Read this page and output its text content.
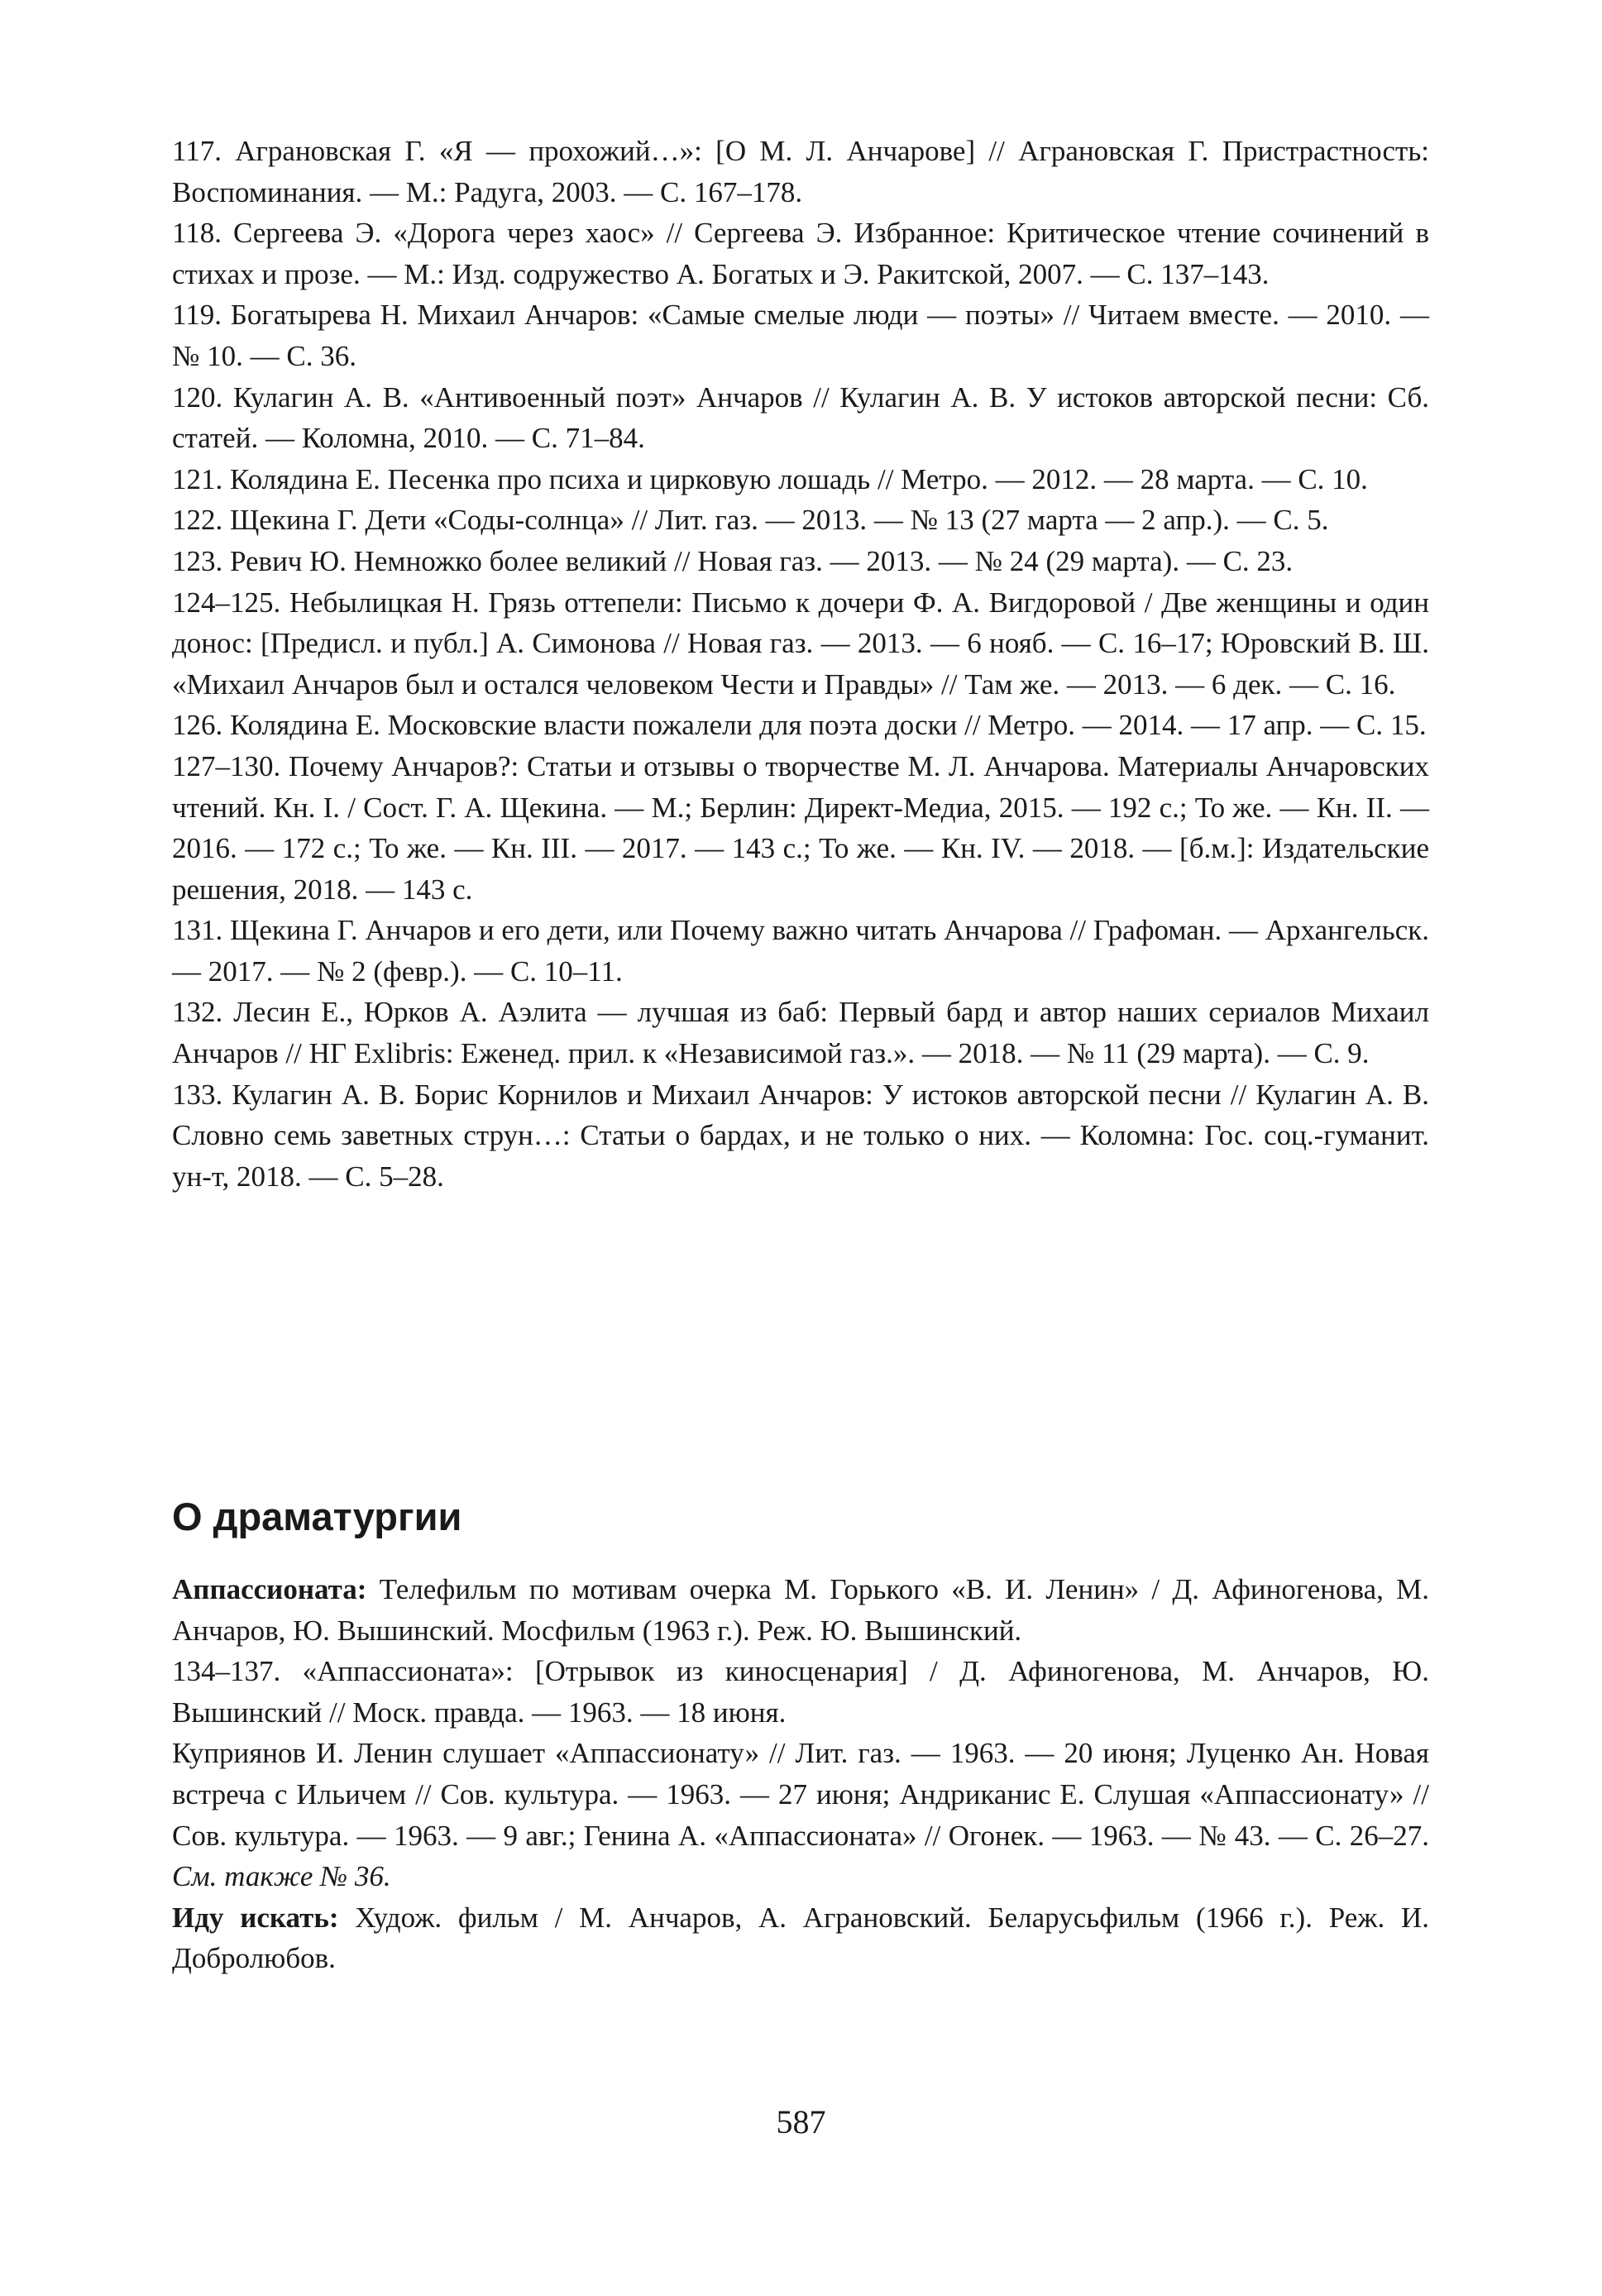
117. Аграновская Г. «Я — прохожий…»: [О М. Л. Анчарове] // Аграновская Г. Пристрастность: Воспоминания. — М.: Радуга, 2003. — С. 167–178.

118. Сергеева Э. «Дорога через хаос» // Сергеева Э. Избранное: Критическое чтение сочинений в стихах и прозе. — М.: Изд. содружество А. Богатых и Э. Ракитской, 2007. — С. 137–143.

119. Богатырева Н. Михаил Анчаров: «Самые смелые люди — поэты» // Читаем вместе. — 2010. — № 10. — С. 36.

120. Кулагин А. В. «Антивоенный поэт» Анчаров // Кулагин А. В. У истоков авторской песни: Сб. статей. — Коломна, 2010. — С. 71–84.

121. Колядина Е. Песенка про психа и цирковую лошадь // Метро. — 2012. — 28 марта. — С. 10.

122. Щекина Г. Дети «Соды-солнца» // Лит. газ. — 2013. — № 13 (27 марта — 2 апр.). — С. 5.

123. Ревич Ю. Немножко более великий // Новая газ. — 2013. — № 24 (29 марта). — С. 23.

124–125. Небылицкая Н. Грязь оттепели: Письмо к дочери Ф. А. Вигдоровой / Две женщины и один донос: [Предисл. и публ.] А. Симонова // Новая газ. — 2013. — 6 нояб. — С. 16–17; Юровский В. Ш. «Михаил Анчаров был и остался человеком Чести и Правды» // Там же. — 2013. — 6 дек. — С. 16.

126. Колядина Е. Московские власти пожалели для поэта доски // Метро. — 2014. — 17 апр. — С. 15.

127–130. Почему Анчаров?: Статьи и отзывы о творчестве М. Л. Анчарова. Материалы Анчаровских чтений. Кн. I. / Сост. Г. А. Щекина. — М.; Берлин: Директ-Медиа, 2015. — 192 с.; То же. — Кн. II. — 2016. — 172 с.; То же. — Кн. III. — 2017. — 143 с.; То же. — Кн. IV. — 2018. — [б.м.]: Издательские решения, 2018. — 143 с.

131. Щекина Г. Анчаров и его дети, или Почему важно читать Анчарова // Графоман. — Архангельск. — 2017. — № 2 (февр.). — С. 10–11.

132. Лесин Е., Юрков А. Аэлита — лучшая из баб: Первый бард и автор наших сериалов Михаил Анчаров // НГ Exlibris: Еженед. прил. к «Независимой газ.». — 2018. — № 11 (29 марта). — С. 9.

133. Кулагин А. В. Борис Корнилов и Михаил Анчаров: У истоков авторской песни // Кулагин А. В. Словно семь заветных струн…: Статьи о бардах, и не только о них. — Коломна: Гос. соц.-гуманит. ун-т, 2018. — С. 5–28.

О драматургии

Аппассионата: Телефильм по мотивам очерка М. Горького «В. И. Ленин» / Д. Афиногенова, М. Анчаров, Ю. Вышинский. Мосфильм (1963 г.). Реж. Ю. Вышинский.

134–137. «Аппассионата»: [Отрывок из киносценария] / Д. Афиногенова, М. Анчаров, Ю. Вышинский // Моск. правда. — 1963. — 18 июня.

Куприянов И. Ленин слушает «Аппассионату» // Лит. газ. — 1963. — 20 июня; Луценко Ан. Новая встреча с Ильичем // Сов. культура. — 1963. — 27 июня; Андриканис Е. Слушая «Аппассионату» // Сов. культура. — 1963. — 9 авг.; Генина А. «Аппассионата» // Огонек. — 1963. — № 43. — С. 26–27. См. также № 36.

Иду искать: Худож. фильм / М. Анчаров, А. Аграновский. Беларусьфильм (1966 г.). Реж. И. Добролюбов.

587
